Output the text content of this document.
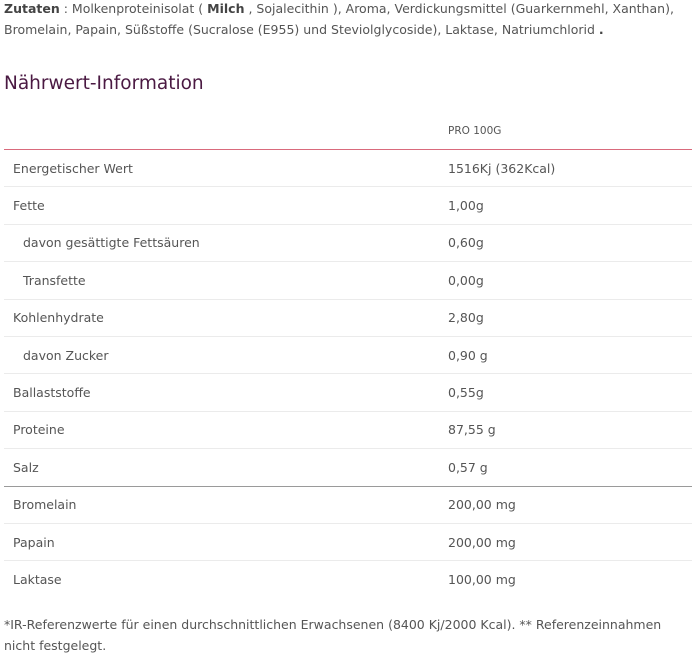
Zutaten : Molkenproteinisolat ( Milch , Sojalecithin ), Aroma, Verdickungsmittel (Guarkernmehl, Xanthan), Bromelain, Papain, Süßstoffe (Sucralose (E955) und Steviolglycoside), Laktase, Natriumchlorid .
Nährwert-Information
	PRO 100G
Energetischer Wert	1516Kj (362Kcal)
Fette	1,00g
davon gesättigte Fettsäuren	0,60g
Transfette	0,00g
Kohlenhydrate	2,80g
davon Zucker	0,90 g
Ballaststoffe	0,55g
Proteine	87,55 g
Salz	0,57 g
Bromelain	200,00 mg
Papain	200,00 mg
Laktase	100,00 mg
*IR-Referenzwerte für einen durchschnittlichen Erwachsenen (8400 Kj/2000 Kcal). ** Referenzeinnahmen nicht festgelegt.
